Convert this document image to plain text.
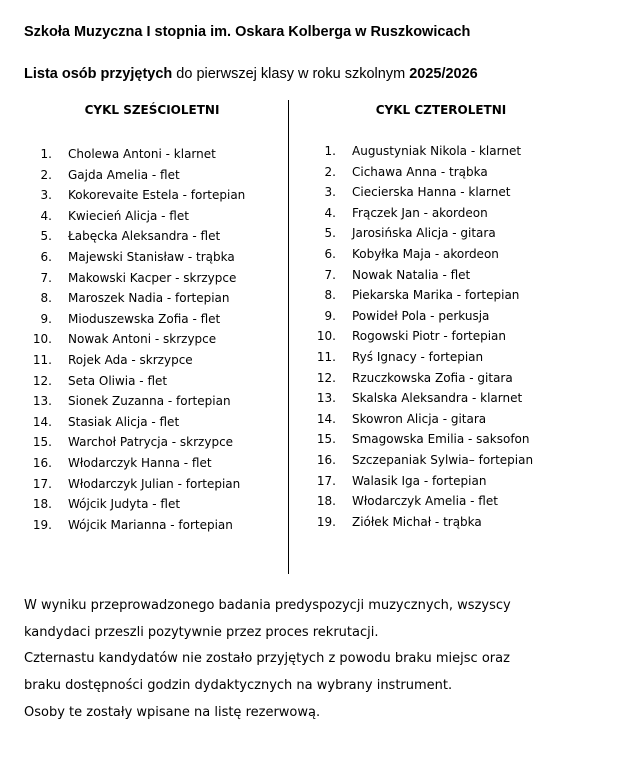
Szkoła Muzyczna I stopnia im. Oskara Kolberga w Ruszkowicach
Lista osób przyjętych do pierwszej klasy w roku szkolnym 2025/2026
CYKL SZEŚCIOLETNI	CYKL CZTEROLETNI
1. Cholewa Antoni - klarnet
2. Gajda Amelia - flet
3. Kokorevaite Estela - fortepian
4. Kwiecień Alicja - flet
5. Łabęcka Aleksandra - flet
6. Majewski Stanisław - trąbka
7. Makowski Kacper - skrzypce
8. Maroszek Nadia - fortepian
9. Mioduszewska Zofia - flet
10. Nowak Antoni - skrzypce
11. Rojek Ada - skrzypce
12. Seta Oliwia - flet
13. Sionek Zuzanna - fortepian
14. Stasiak Alicja - flet
15. Warchoł Patrycja - skrzypce
16. Włodarczyk Hanna - flet
17. Włodarczyk Julian - fortepian
18. Wójcik Judyta - flet
19. Wójcik Marianna - fortepian
1. Augustyniak Nikola - klarnet
2. Cichawa Anna - trąbka
3. Ciecierska Hanna - klarnet
4. Frączek Jan - akordeon
5. Jarosińska Alicja - gitara
6. Kobyłka Maja - akordeon
7. Nowak Natalia - flet
8. Piekarska Marika - fortepian
9. Powideł Pola - perkusja
10. Rogowski Piotr - fortepian
11. Ryś Ignacy - fortepian
12. Rzuczkowska Zofia - gitara
13. Skalska Aleksandra - klarnet
14. Skowron Alicja - gitara
15. Smagowska Emilia - saksofon
16. Szczepaniak Sylwia– fortepian
17. Walasik Iga - fortepian
18. Włodarczyk Amelia - flet
19. Ziółek Michał - trąbka

W wyniku przeprowadzonego badania predyspozycji muzycznych, wszyscy

kandydaci przeszli pozytywnie przez proces rekrutacji.

Czternastu kandydatów nie zostało przyjętych z powodu braku miejsc oraz

braku dostępności godzin dydaktycznych na wybrany instrument.

Osoby te zostały wpisane na listę rezerwową.
